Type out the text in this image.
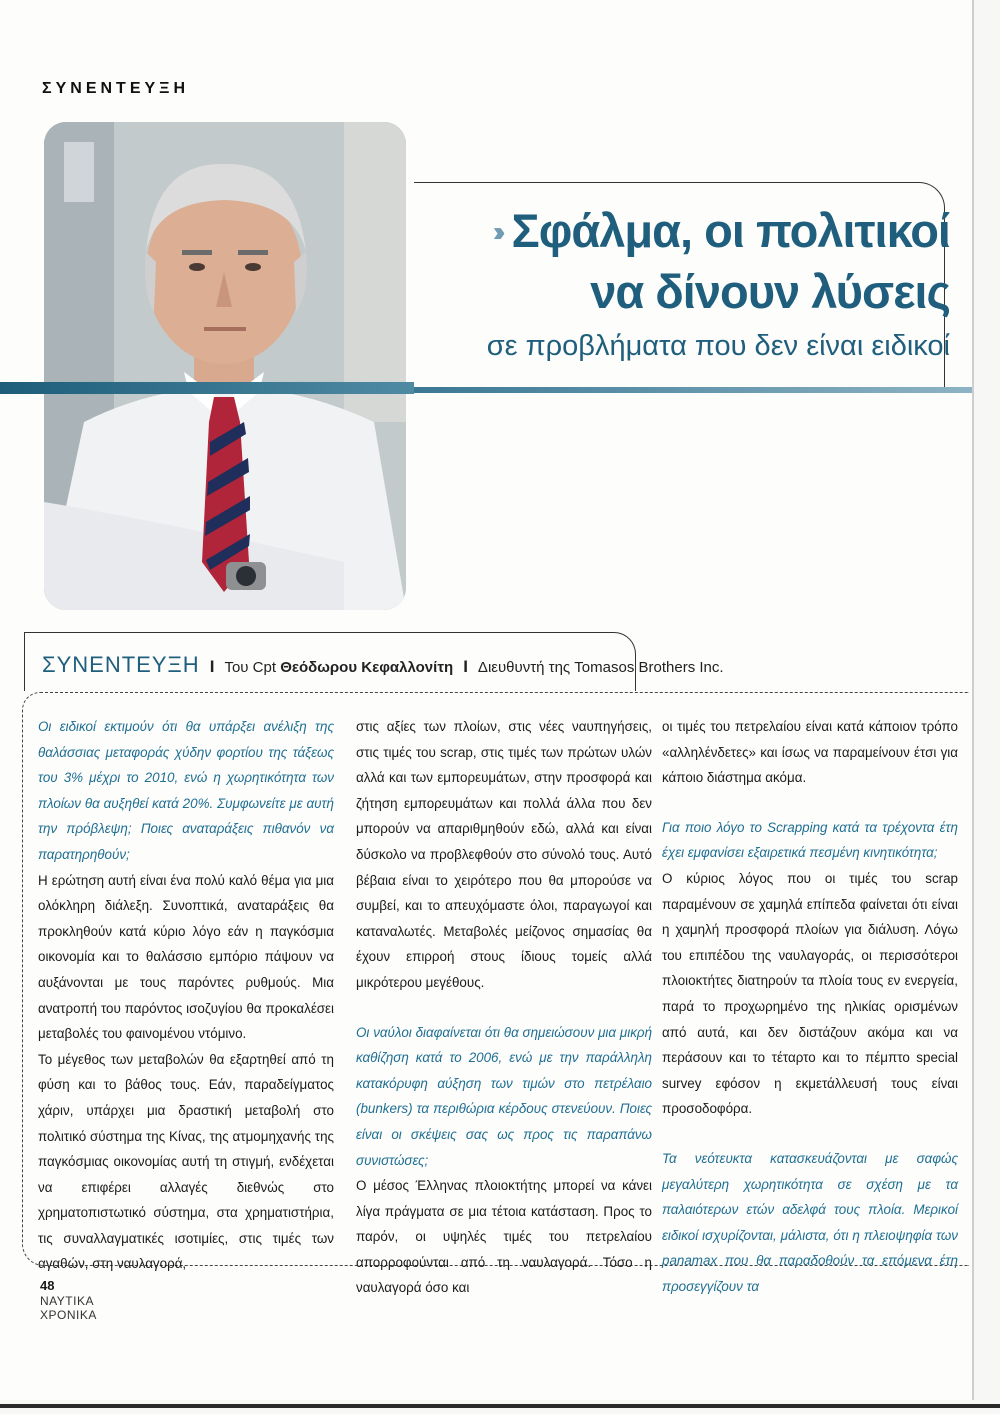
ΣΥΝΕΝΤΕΥΞΗ
›› Σφάλμα, οι πολιτικοί
να δίνουν λύσεις
σε προβλήματα που δεν είναι ειδικοί
ΣΥΝΕΝΤΕΥΞΗ I Του Cpt Θεόδωρου Κεφαλλονίτη I Διευθυντή της Tomasos Brothers Inc.

Οι ειδικοί εκτιμούν ότι θα υπάρξει ανέλιξη της θαλάσσιας μεταφοράς χύδην φορτίου της τάξεως του 3% μέχρι το 2010, ενώ η χωρητικότητα των πλοίων θα αυξηθεί κατά 20%. Συμφωνείτε με αυτή την πρόβλεψη; Ποιες αναταράξεις πιθανόν να παρατηρηθούν;

Η ερώτηση αυτή είναι ένα πολύ καλό θέμα για μια ολόκληρη διάλεξη. Συνοπτικά, αναταράξεις θα προκληθούν κατά κύριο λόγο εάν η παγκόσμια οικονομία και το θαλάσσιο εμπόριο πάψουν να αυξάνονται με τους παρόντες ρυθμούς. Μια ανατροπή του παρόντος ισοζυγίου θα προκαλέσει μεταβολές του φαινομένου ντόμινο.

Το μέγεθος των μεταβολών θα εξαρτηθεί από τη φύση και το βάθος τους. Εάν, παραδείγματος χάριν, υπάρχει μια δραστική μεταβολή στο πολιτικό σύστημα της Κίνας, της ατμομηχανής της παγκόσμιας οικονομίας αυτή τη στιγμή, ενδέχεται να επιφέρει αλλαγές διεθνώς στο χρηματοπιστωτικό σύστημα, στα χρηματιστήρια, τις συναλλαγματικές ισοτιμίες, στις τιμές των αγαθών, στη ναυλαγορά,

στις αξίες των πλοίων, στις νέες ναυπηγήσεις, στις τιμές του scrap, στις τιμές των πρώτων υλών αλλά και των εμπορευμάτων, στην προσφορά και ζήτηση εμπορευμάτων και πολλά άλλα που δεν μπορούν να απαριθμηθούν εδώ, αλλά και είναι δύσκολο να προβλεφθούν στο σύνολό τους. Αυτό βέβαια είναι το χειρότερο που θα μπορούσε να συμβεί, και το απευχόμαστε όλοι, παραγωγοί και καταναλωτές. Μεταβολές μείζονος σημασίας θα έχουν επιρροή στους ίδιους τομείς αλλά μικρότερου μεγέθους.

Οι ναύλοι διαφαίνεται ότι θα σημειώσουν μια μικρή καθίζηση κατά το 2006, ενώ με την παράλληλη κατακόρυφη αύξηση των τιμών στο πετρέλαιο (bunkers) τα περιθώρια κέρδους στενεύουν. Ποιες είναι οι σκέψεις σας ως προς τις παραπάνω συνιστώσες;

Ο μέσος Έλληνας πλοιοκτήτης μπορεί να κάνει λίγα πράγματα σε μια τέτοια κατάσταση. Προς το παρόν, οι υψηλές τιμές του πετρελαίου απορροφούνται από τη ναυλαγορά. Τόσο η ναυλαγορά όσο και

οι τιμές του πετρελαίου είναι κατά κάποιον τρόπο «αλληλένδετες» και ίσως να παραμείνουν έτσι για κάποιο διάστημα ακόμα.

Για ποιο λόγο το Scrapping κατά τα τρέχοντα έτη έχει εμφανίσει εξαιρετικά πεσμένη κινητικότητα;

Ο κύριος λόγος που οι τιμές του scrap παραμένουν σε χαμηλά επίπεδα φαίνεται ότι είναι η χαμηλή προσφορά πλοίων για διάλυση. Λόγω του επιπέδου της ναυλαγοράς, οι περισσότεροι πλοιοκτήτες διατηρούν τα πλοία τους εν ενεργεία, παρά το προχωρημένο της ηλικίας ορισμένων από αυτά, και δεν διστάζουν ακόμα και να περάσουν και το τέταρτο και το πέμπτο special survey εφόσον η εκμετάλλευσή τους είναι προσοδοφόρα.

Τα νεότευκτα κατασκευάζονται με σαφώς μεγαλύτερη χωρητικότητα σε σχέση με τα παλαιότερων ετών αδελφά τους πλοία. Μερικοί ειδικοί ισχυρίζονται, μάλιστα, ότι η πλειοψηφία των panamax που θα παραδοθούν τα επόμενα έτη προσεγγίζουν τα

48
ΝΑΥΤΙΚΑ
ΧΡΟΝΙΚΑ
